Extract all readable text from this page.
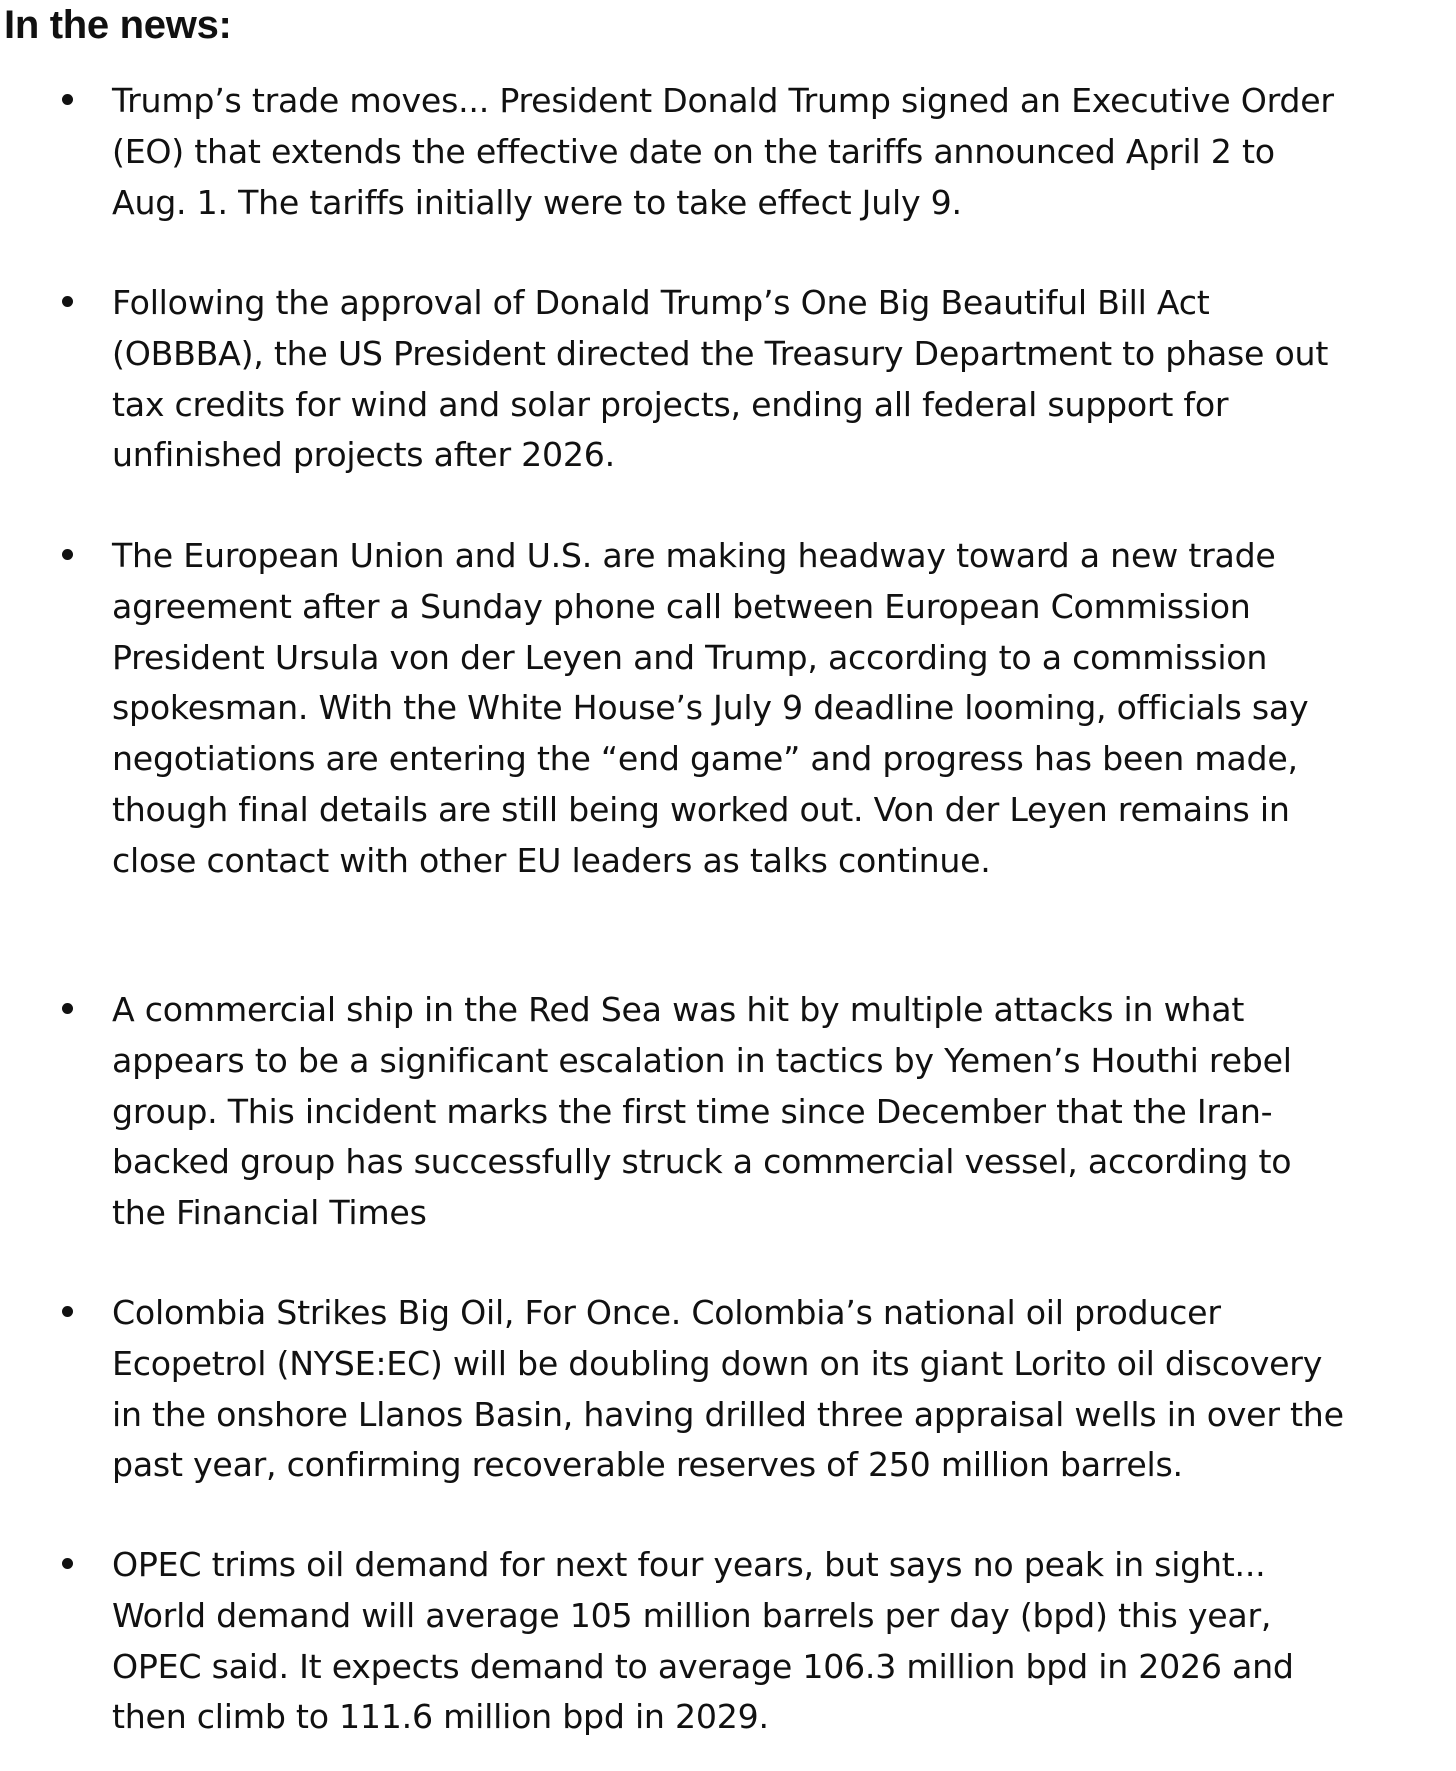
In the news:

Trump’s trade moves... President Donald Trump signed an Executive Order
(EO) that extends the effective date on the tariffs announced April 2 to
Aug. 1. The tariffs initially were to take effect July 9.

Following the approval of Donald Trump’s One Big Beautiful Bill Act
(OBBBA), the US President directed the Treasury Department to phase out
tax credits for wind and solar projects, ending all federal support for
unfinished projects after 2026.

The European Union and U.S. are making headway toward a new trade
agreement after a Sunday phone call between European Commission
President Ursula von der Leyen and Trump, according to a commission
spokesman. With the White House’s July 9 deadline looming, officials say
negotiations are entering the “end game” and progress has been made,
though final details are still being worked out. Von der Leyen remains in
close contact with other EU leaders as talks continue.

A commercial ship in the Red Sea was hit by multiple attacks in what
appears to be a significant escalation in tactics by Yemen’s Houthi rebel
group. This incident marks the first time since December that the Iran-
backed group has successfully struck a commercial vessel, according to
the Financial Times

Colombia Strikes Big Oil, For Once. Colombia’s national oil producer
Ecopetrol (NYSE:EC) will be doubling down on its giant Lorito oil discovery
in the onshore Llanos Basin, having drilled three appraisal wells in over the
past year, confirming recoverable reserves of 250 million barrels.

OPEC trims oil demand for next four years, but says no peak in sight...
World demand will average 105 million barrels per day (bpd) this year,
OPEC said. It expects demand to average 106.3 million bpd in 2026 and
then climb to 111.6 million bpd in 2029.
